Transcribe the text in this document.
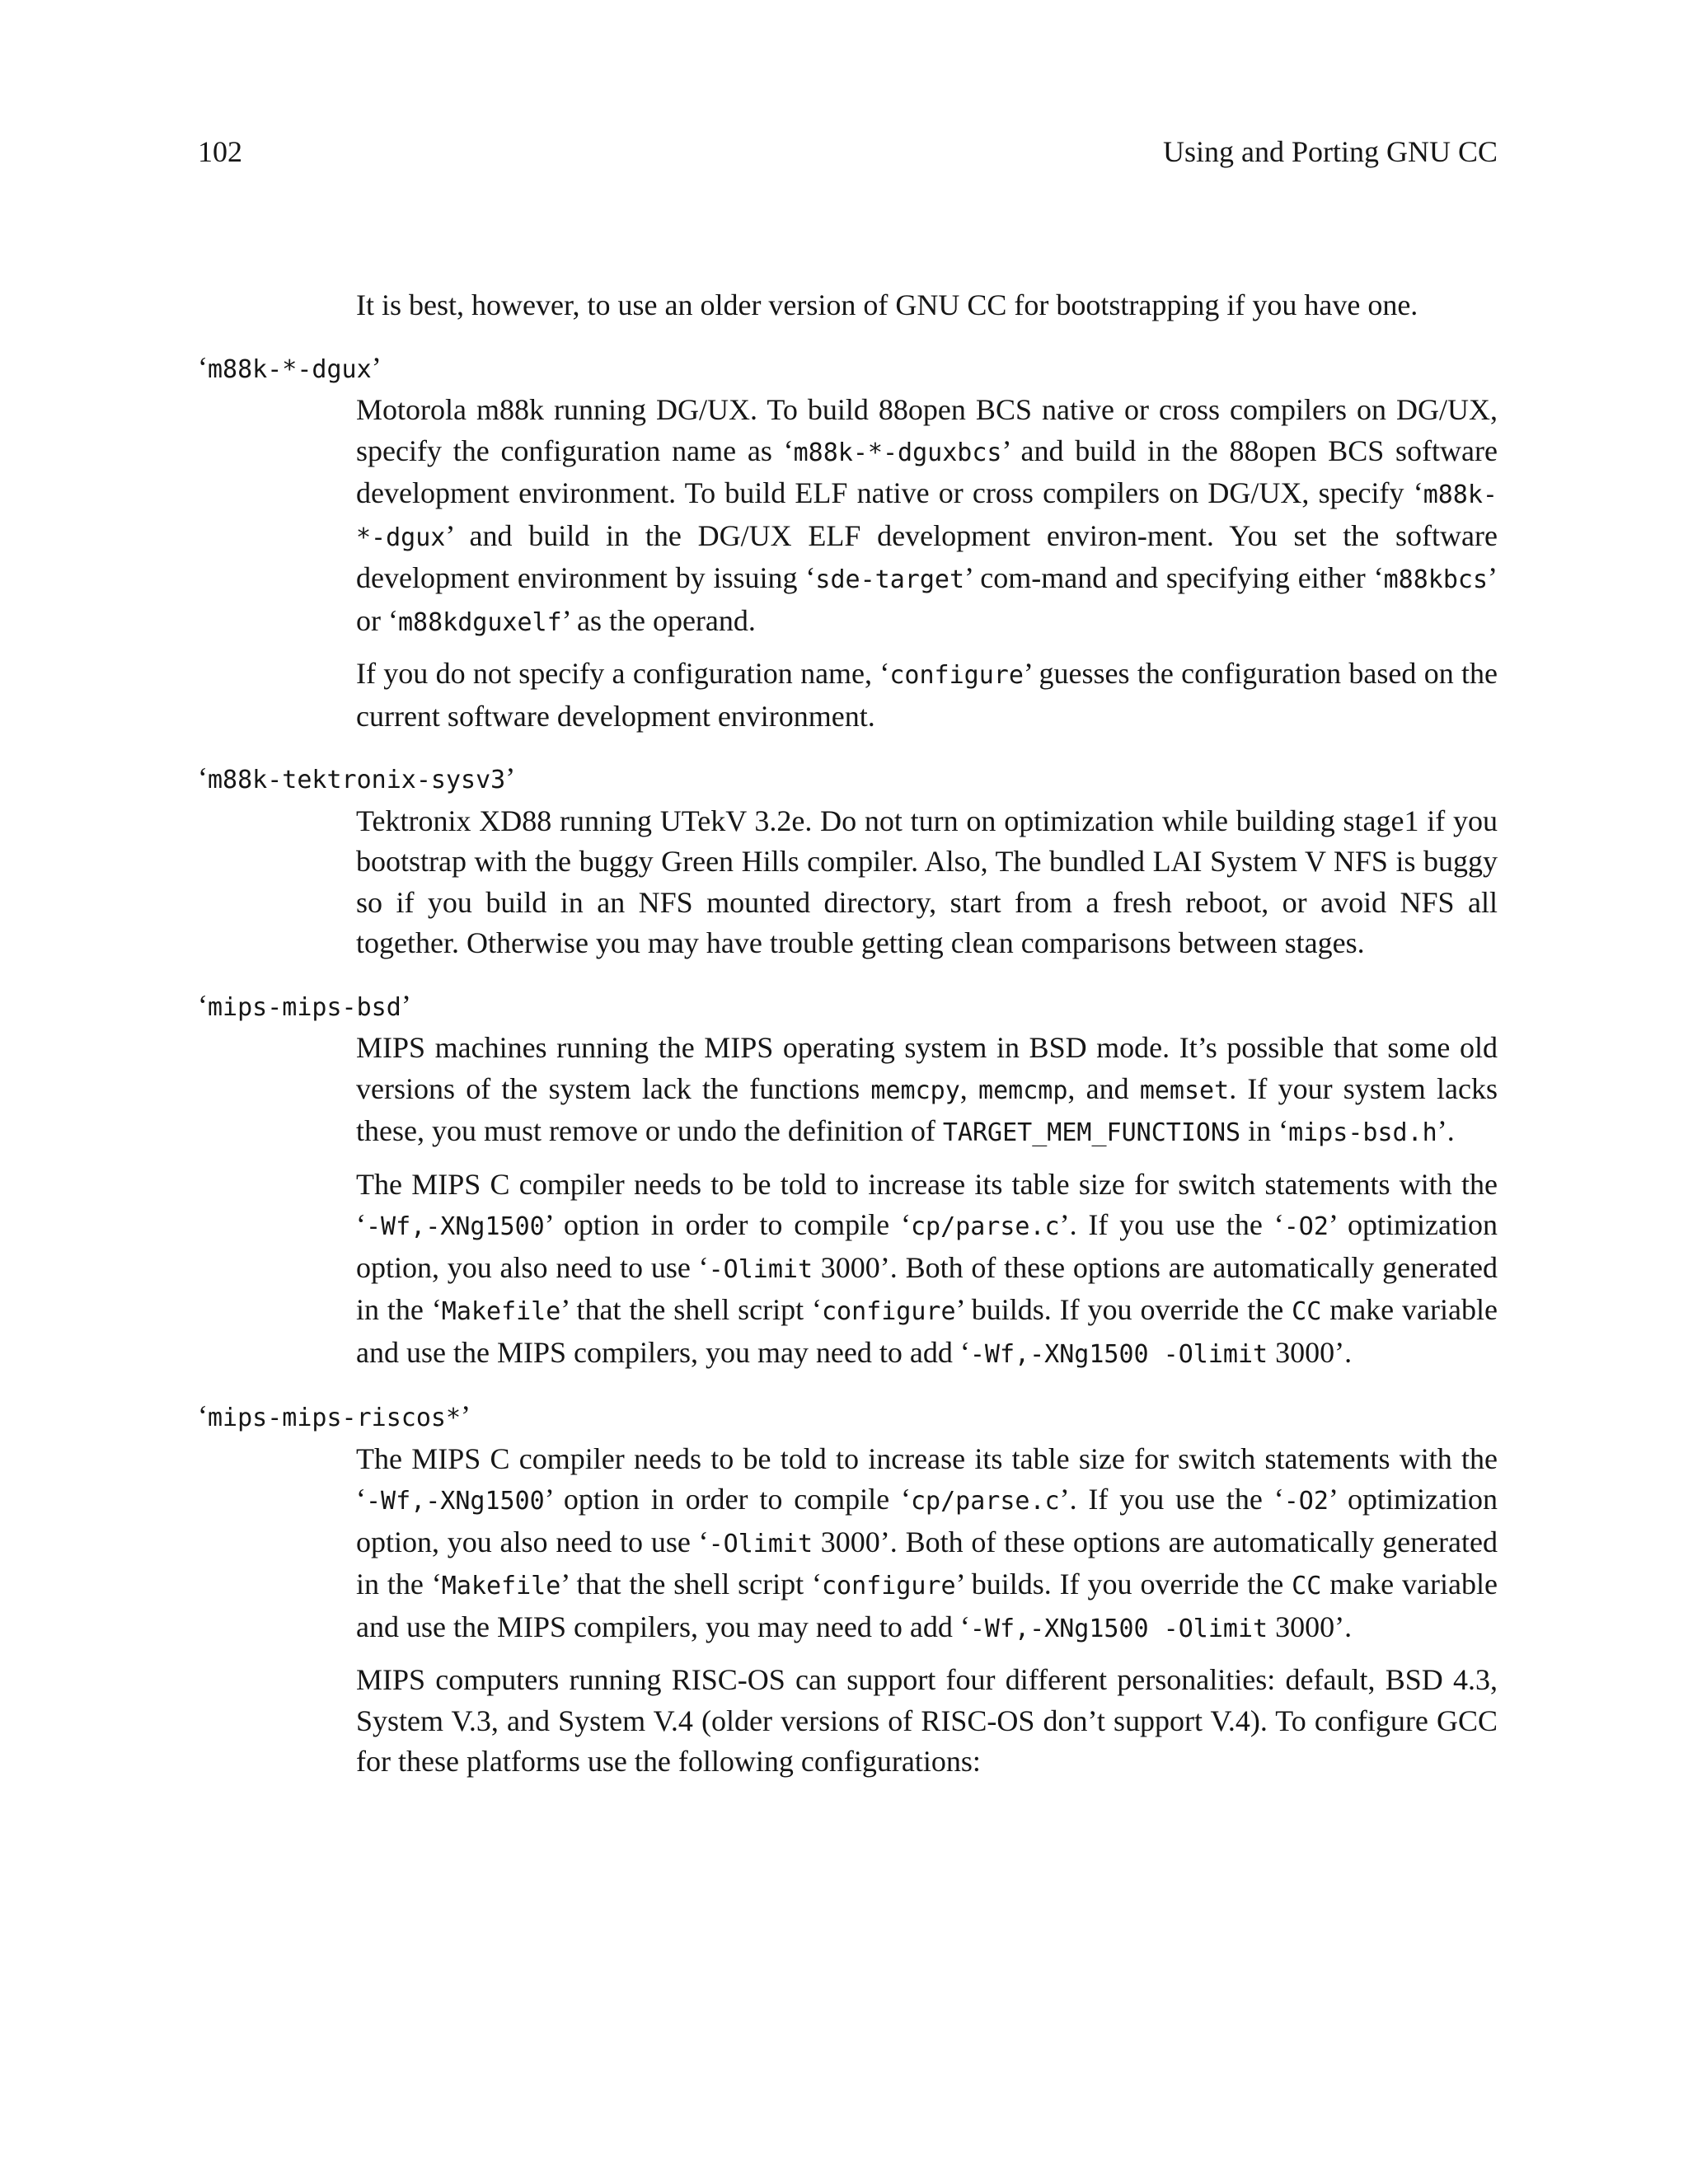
102	Using and Porting GNU CC

It is best, however, to use an older version of GNU CC for bootstrapping if you have one.

‘m88k-*-dgux’

Motorola m88k running DG/UX. To build 88open BCS native or cross compilers on DG/UX, specify the configuration name as ‘m88k-*-dguxbcs’ and build in the 88open BCS software development environment. To build ELF native or cross compilers on DG/UX, specify ‘m88k-*-dgux’ and build in the DG/UX ELF development environ-ment. You set the software development environment by issuing ‘sde-target’ com-mand and specifying either ‘m88kbcs’ or ‘m88kdguxelf’ as the operand.

If you do not specify a configuration name, ‘configure’ guesses the configuration based on the current software development environment.

‘m88k-tektronix-sysv3’

Tektronix XD88 running UTekV 3.2e. Do not turn on optimization while building stage1 if you bootstrap with the buggy Green Hills compiler. Also, The bundled LAI System V NFS is buggy so if you build in an NFS mounted directory, start from a fresh reboot, or avoid NFS all together. Otherwise you may have trouble getting clean comparisons between stages.

‘mips-mips-bsd’

MIPS machines running the MIPS operating system in BSD mode. It’s possible that some old versions of the system lack the functions memcpy, memcmp, and memset. If your system lacks these, you must remove or undo the definition of TARGET_MEM_FUNCTIONS in ‘mips-bsd.h’.

The MIPS C compiler needs to be told to increase its table size for switch statements with the ‘-Wf,-XNg1500’ option in order to compile ‘cp/parse.c’. If you use the ‘-O2’ optimization option, you also need to use ‘-Olimit 3000’. Both of these options are automatically generated in the ‘Makefile’ that the shell script ‘configure’ builds. If you override the CC make variable and use the MIPS compilers, you may need to add ‘-Wf,-XNg1500 -Olimit 3000’.

‘mips-mips-riscos*’

The MIPS C compiler needs to be told to increase its table size for switch statements with the ‘-Wf,-XNg1500’ option in order to compile ‘cp/parse.c’. If you use the ‘-O2’ optimization option, you also need to use ‘-Olimit 3000’. Both of these options are automatically generated in the ‘Makefile’ that the shell script ‘configure’ builds. If you override the CC make variable and use the MIPS compilers, you may need to add ‘-Wf,-XNg1500 -Olimit 3000’.

MIPS computers running RISC-OS can support four different personalities: default, BSD 4.3, System V.3, and System V.4 (older versions of RISC-OS don’t support V.4). To configure GCC for these platforms use the following configurations:
